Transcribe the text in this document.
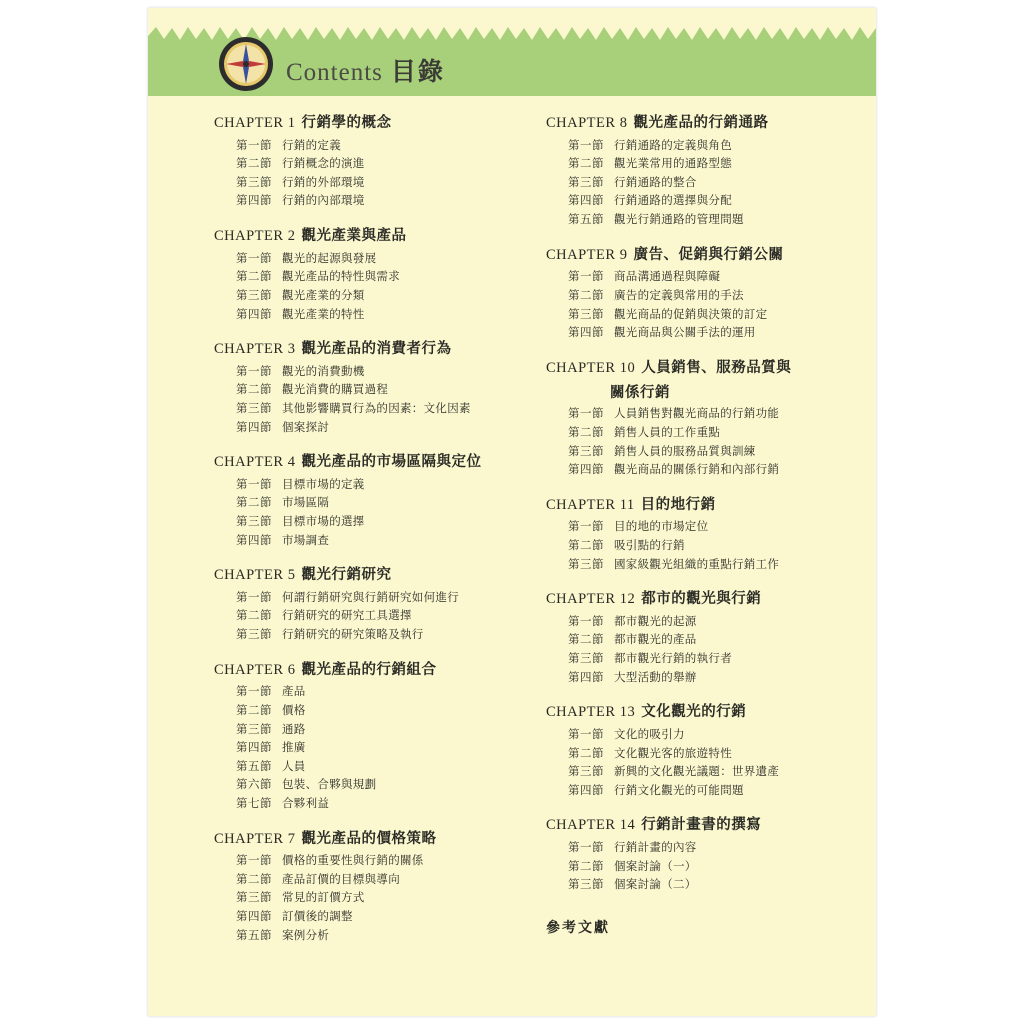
Contents 目錄
CHAPTER 1 行銷學的概念
第一節 行銷的定義
第二節 行銷概念的演進
第三節 行銷的外部環境
第四節 行銷的內部環境
CHAPTER 2 觀光產業與產品
第一節 觀光的起源與發展
第二節 觀光產品的特性與需求
第三節 觀光產業的分類
第四節 觀光產業的特性
CHAPTER 3 觀光產品的消費者行為
第一節 觀光的消費動機
第二節 觀光消費的購買過程
第三節 其他影響購買行為的因素：文化因素
第四節 個案探討
CHAPTER 4 觀光產品的市場區隔與定位
第一節 目標市場的定義
第二節 市場區隔
第三節 目標市場的選擇
第四節 市場調查
CHAPTER 5 觀光行銷研究
第一節 何謂行銷研究與行銷研究如何進行
第二節 行銷研究的研究工具選擇
第三節 行銷研究的研究策略及執行
CHAPTER 6 觀光產品的行銷組合
第一節 產品
第二節 價格
第三節 通路
第四節 推廣
第五節 人員
第六節 包裝、合夥與規劃
第七節 合夥利益
CHAPTER 7 觀光產品的價格策略
第一節 價格的重要性與行銷的關係
第二節 產品訂價的目標與導向
第三節 常見的訂價方式
第四節 訂價後的調整
第五節 案例分析
CHAPTER 8 觀光產品的行銷通路
第一節 行銷通路的定義與角色
第二節 觀光業常用的通路型態
第三節 行銷通路的整合
第四節 行銷通路的選擇與分配
第五節 觀光行銷通路的管理問題
CHAPTER 9 廣告、促銷與行銷公關
第一節 商品溝通過程與障礙
第二節 廣告的定義與常用的手法
第三節 觀光商品的促銷與決策的訂定
第四節 觀光商品與公關手法的運用
CHAPTER 10 人員銷售、服務品質與
關係行銷
第一節 人員銷售對觀光商品的行銷功能
第二節 銷售人員的工作重點
第三節 銷售人員的服務品質與訓練
第四節 觀光商品的關係行銷和內部行銷
CHAPTER 11 目的地行銷
第一節 目的地的市場定位
第二節 吸引點的行銷
第三節 國家級觀光組織的重點行銷工作
CHAPTER 12 都市的觀光與行銷
第一節 都市觀光的起源
第二節 都市觀光的產品
第三節 都市觀光行銷的執行者
第四節 大型活動的舉辦
CHAPTER 13 文化觀光的行銷
第一節 文化的吸引力
第二節 文化觀光客的旅遊特性
第三節 新興的文化觀光議題：世界遺產
第四節 行銷文化觀光的可能問題
CHAPTER 14 行銷計畫書的撰寫
第一節 行銷計畫的內容
第二節 個案討論（一）
第三節 個案討論（二）
參考文獻
